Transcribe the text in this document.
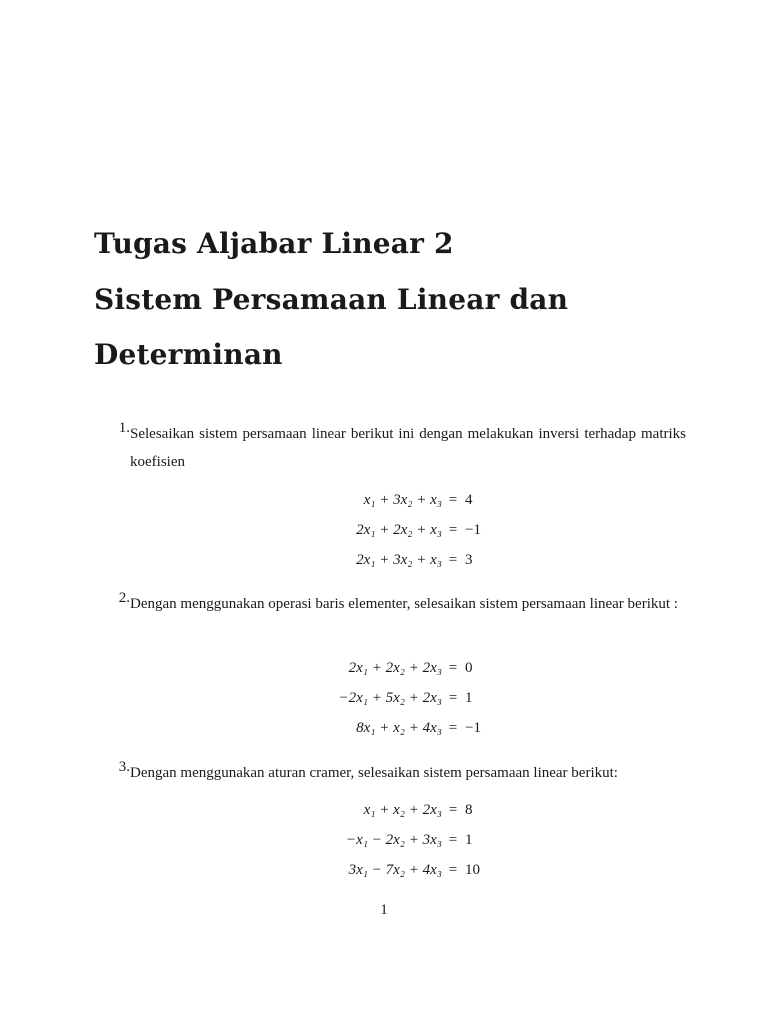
Tugas Aljabar Linear 2
Sistem Persamaan Linear dan
Determinan
1. Selesaikan sistem persamaan linear berikut ini dengan melakukan inversi terhadap matriks koefisien
x₁ + 3x₂ + x₃ = 4
2x₁ + 2x₂ + x₃ = −1
2x₁ + 3x₂ + x₃ = 3
2. Dengan menggunakan operasi baris elementer, selesaikan sistem persamaan linear berikut :
2x₁ + 2x₂ + 2x₃ = 0
−2x₁ + 5x₂ + 2x₃ = 1
8x₁ + x₂ + 4x₃ = −1
3. Dengan menggunakan aturan cramer, selesaikan sistem persamaan linear berikut:
x₁ + x₂ + 2x₃ = 8
−x₁ − 2x₂ + 3x₃ = 1
3x₁ − 7x₂ + 4x₃ = 10
1
